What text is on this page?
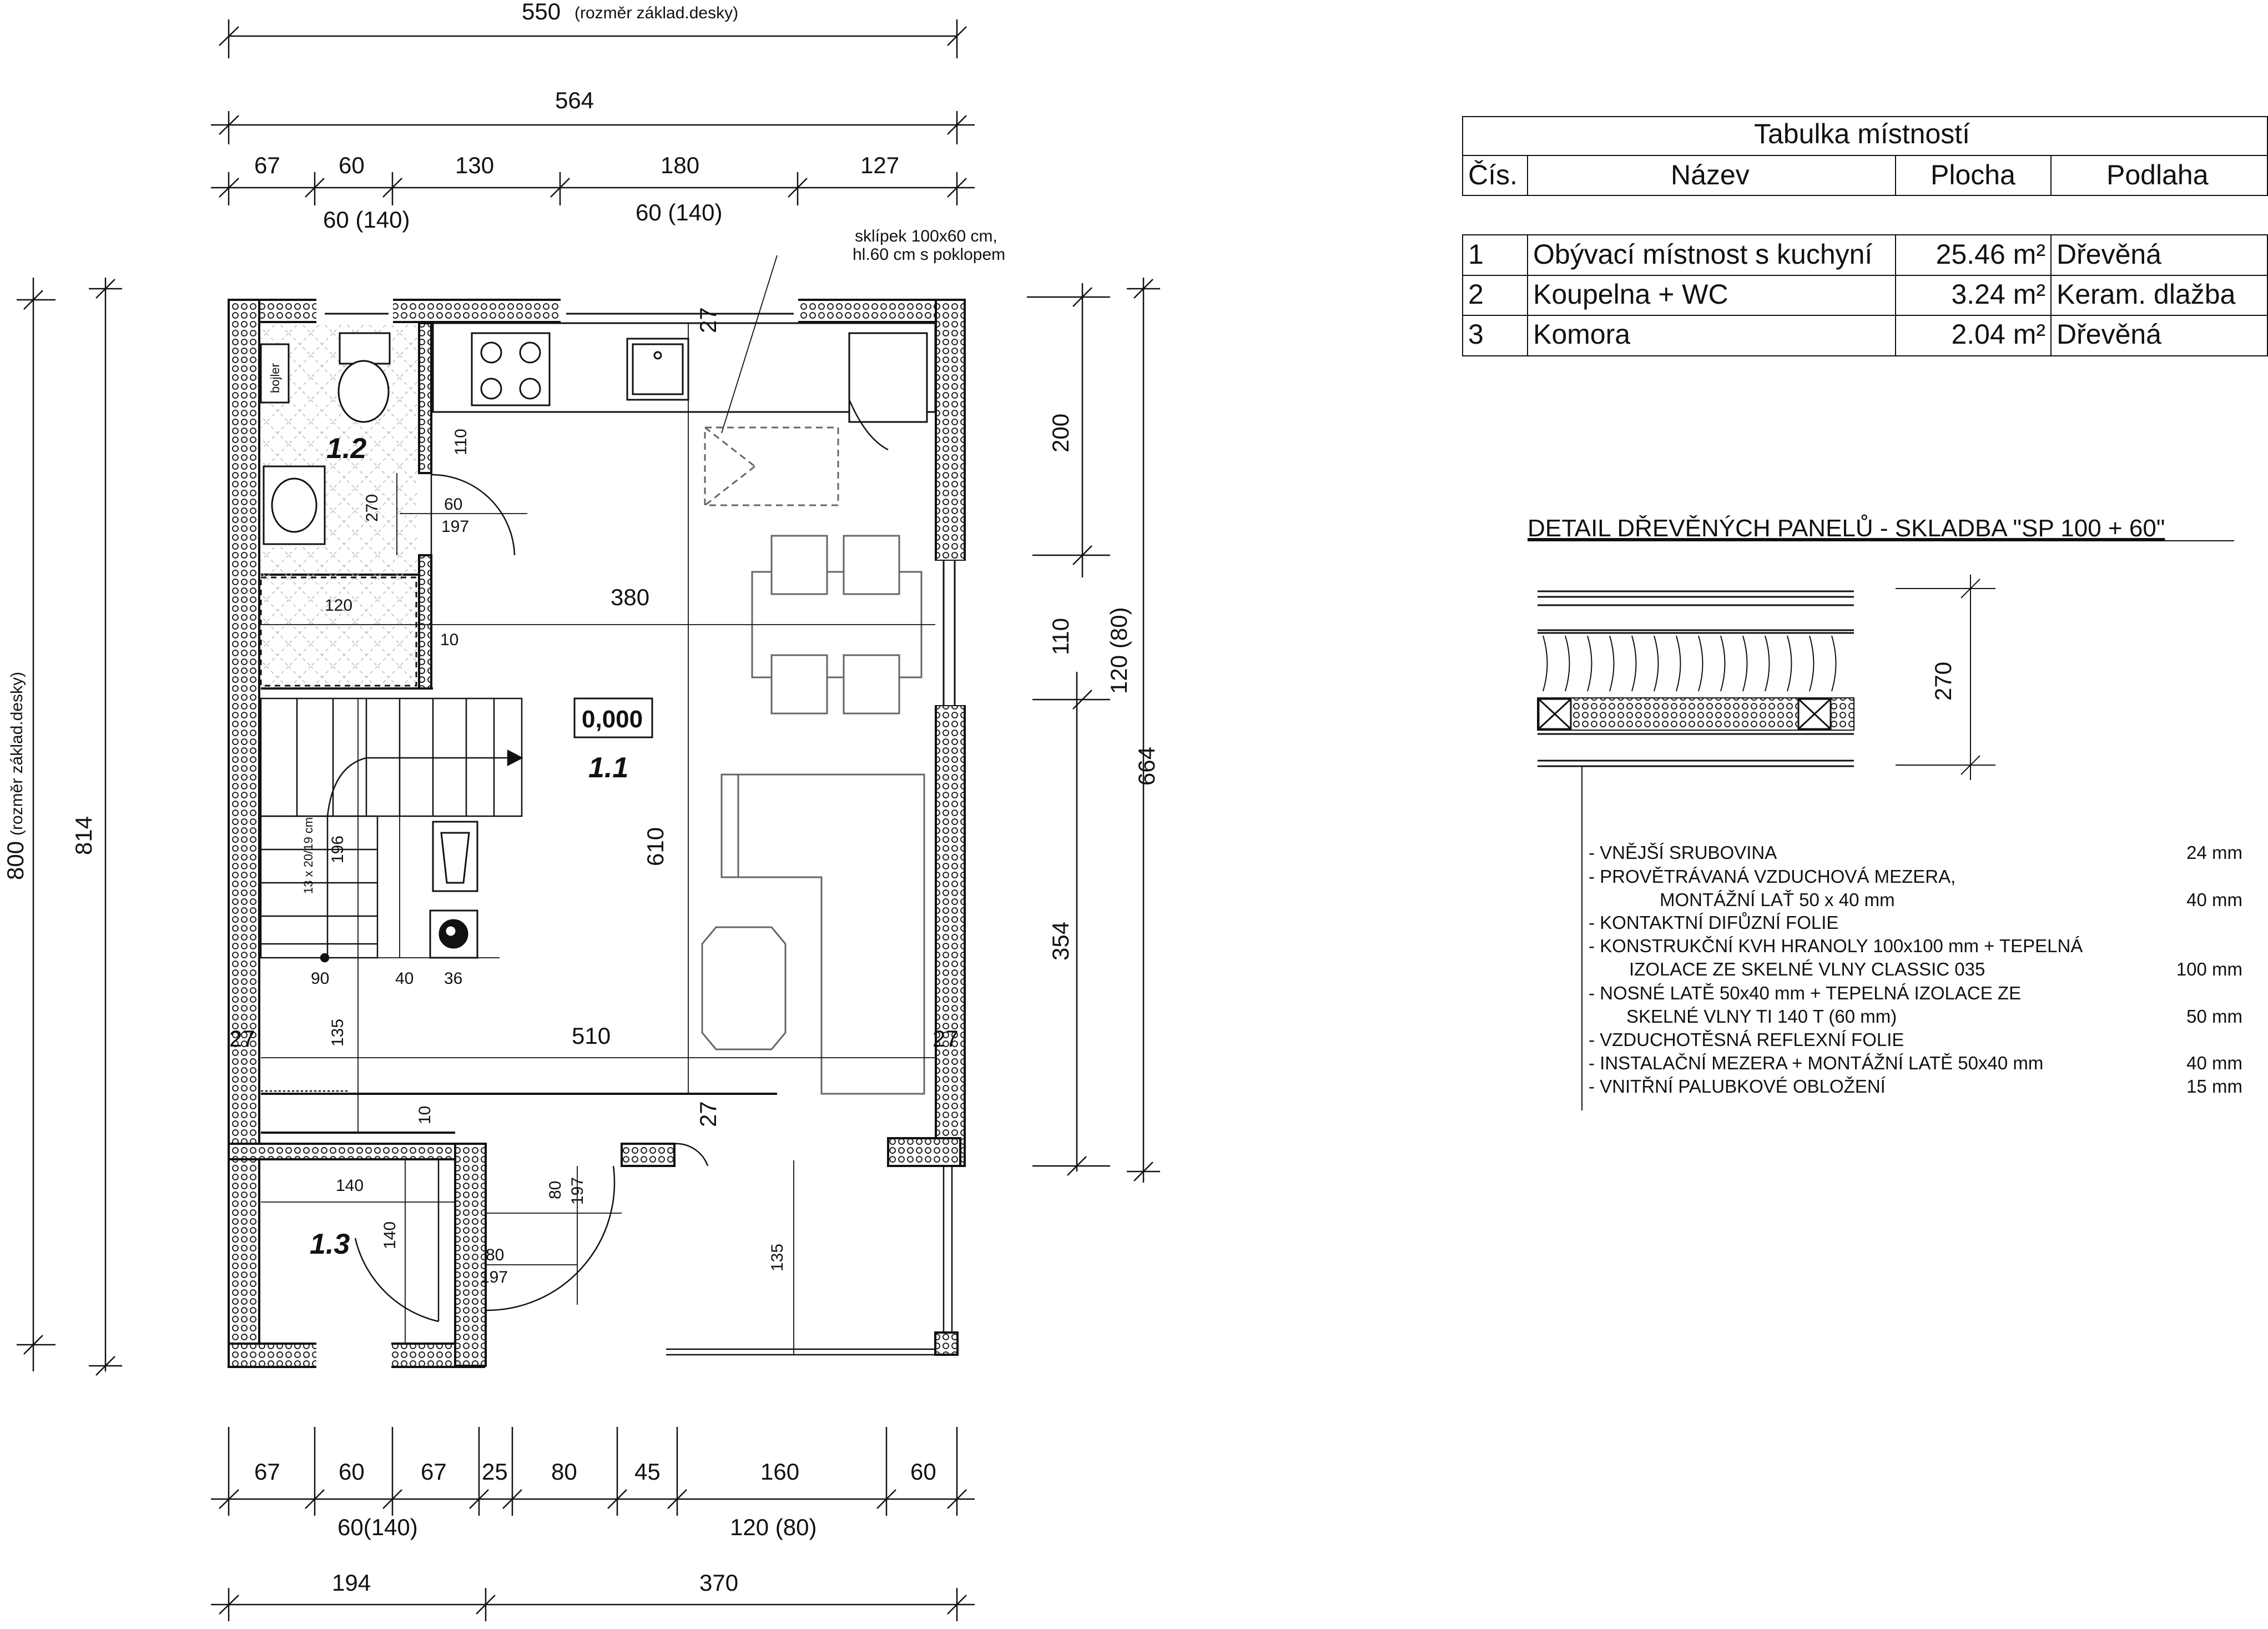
550 (rozměr základ.desky)
564
67	60	130	180	127
60 (140)	60 (140)
800
(rozměr základ.desky) 814
200
110 120 (80)
354
664
67	60 67 25 80 45	160	60
60(140)	120 (80)
194	370
27
27	27
27
sklípek 100x60 cm,
hl.60 cm s poklopem
bojler
13 x 20/19 cm
380
610
510
110
270	60
197
120
10
196
90	40 36
135
10
140
140
80 197
80
197
135
0,000
1.1
1.2
1.3
Tabulka místností
Čís.	Název	Plocha	Podlaha
1 Obývací místnost s kuchyní 25.46 m² Dřevěná
2 Koupelna + WC	3.24 m² Keram. dlažba
3 Komora	2.04 m² Dřevěná
DETAIL DŘEVĚNÝCH PANELŮ - SKLADBA "SP 100 + 60"
270
- VNĚJŠÍ SRUBOVINA	24 mm
- PROVĚTRÁVANÁ VZDUCHOVÁ MEZERA,
MONTÁŽNÍ LAŤ 50 x 40 mm	40 mm
- KONTAKTNÍ DIFŮZNÍ FOLIE
- KONSTRUKČNÍ KVH HRANOLY 100x100 mm + TEPELNÁ
IZOLACE ZE SKELNÉ VLNY CLASSIC 035	100 mm
- NOSNÉ LATĚ 50x40 mm + TEPELNÁ IZOLACE ZE
SKELNÉ VLNY TI 140 T (60 mm)	50 mm
- VZDUCHOTĚSNÁ REFLEXNÍ FOLIE
- INSTALAČNÍ MEZERA + MONTÁŽNÍ LATĚ 50x40 mm	40 mm
- VNITŘNÍ PALUBKOVÉ OBLOŽENÍ	15 mm
